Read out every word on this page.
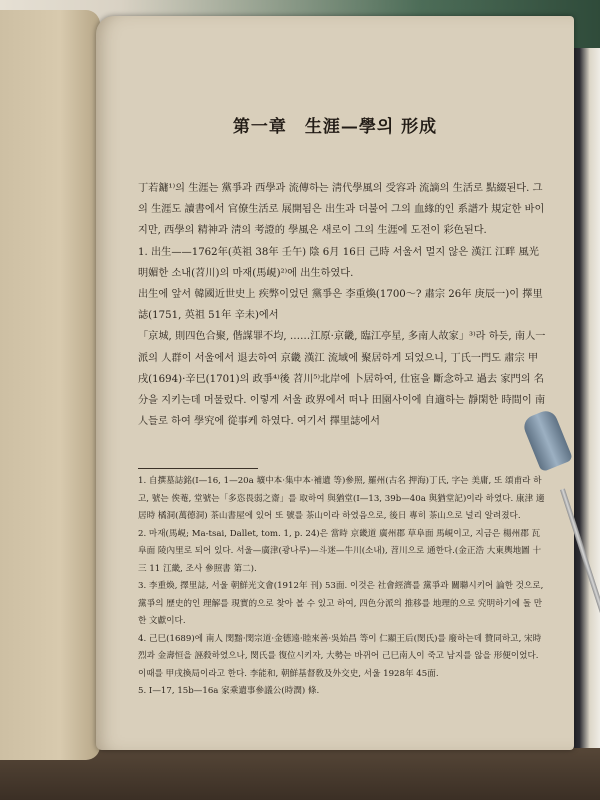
第一章　生涯—學의 形成

丁若鏞¹⁾의 生涯는 黨爭과 西學과 流傳하는 淸代學風의 受容과 流謫의 生活로 點綴된다. 그의 生涯도 讀書에서 官僚生活로 展開됨은 出生과 더불어 그의 血緣的인 系譜가 規定한 바이지만, 西學의 精神과 淸의 考證的 學風은 새로이 그의 生涯에 도전이 彩色된다.

1. 出生——1762年(英祖 38年 壬午) 陰 6月 16日 己時 서울서 멀지 않은 漢江 江畔 風光 明媚한 소내(苕川)의 마재(馬峴)²⁾에 出生하였다.

出生에 앞서 韓國近世史上 疾弊이었던 黨爭은 李重煥(1700～? 肅宗 26年 庚辰一)이 擇里誌(1751, 英祖 51年 辛未)에서

「京城, 則四色合聚, 偕謀罪不均, ……江原·京畿, 臨江亭星, 多南人故家」³⁾라 하듯, 南人一派의 人群이 서울에서 退去하여 京畿 漢江 流域에 聚居하게 되었으니, 丁氏一門도 肅宗 甲戌(1694)·辛巳(1701)의 政爭⁴⁾後 苕川⁵⁾北岸에 卜居하여, 仕宦을 斷念하고 過去 家門의 名分을 지키는데 머물렀다. 이렇게 서울 政界에서 떠나 田園사이에 自適하는 靜閑한 時間이 南人들로 하여 學究에 從事케 하였다. 여기서 擇里誌에서

1. 自撰墓誌銘(I—16, 1—20a 壙中本·集中本·補遺 等)參照, 羅州(古名 押海)丁氏, 字는 美庸, 또 頌甫라 하고, 號는 俟菴, 堂號는「多恣畏弱之齋」를 取하여 與猶堂(I—13, 39b—40a 與猶堂記)이라 하였다. 康津 適居時 橘洞(萬德洞) 茶山書屋에 있어 또 號를 茶山이라 하였음으로, 後日 專히 茶山으로 널리 알려졌다.

2. 마재(馬峴; Ma-tsai, Dallet, tom. 1, p. 24)은 當時 京畿道 廣州郡 草阜面 馬峴이고, 지금은 楊州郡 瓦阜面 陵內里로 되어 있다. 서울—廣津(광나루)—斗迷—牛川(소내), 苕川으로 通한다.(金正浩 大東輿地圖 十三 11 江畿, 조사 參照書 第二).

3. 李重煥, 擇里誌, 서울 朝鮮光文會(1912年 刊) 53面. 이것은 社會經濟를 黨爭과 關聯시키어 論한 것으로, 黨爭의 歷史的인 理解를 現實的으로 찾아 볼 수 있고 하여, 四色分派의 推移를 地理的으로 究明하기에 돌 만한 文獻이다.

4. 己巳(1689)에 南人 閔黯·閔宗道·金德遠·睦來善·吳始昌 等이 仁顯王后(閔氏)를 廢하는데 贊同하고, 宋時烈과 金壽恒을 誣殺하였으나, 閔氏를 復位시키자, 大勢는 바뀌어 己巳南人이 죽고 남지를 않을 形便이었다. 이때를 甲戌換局이라고 한다. 李能和, 朝鮮基督敎及外交史, 서울 1928年 45面.

5. I—17, 15b—16a 家乘遺事參議公(時潤) 條.
